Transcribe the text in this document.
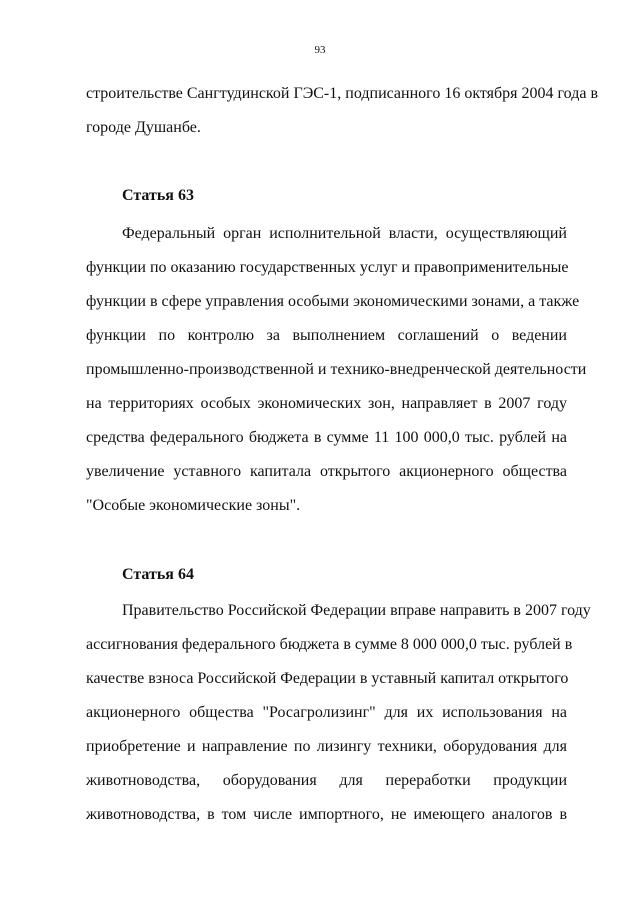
93
строительстве Сангтудинской ГЭС-1, подписанного 16 октября 2004 года в
городе Душанбе.
Статья 63
Федеральный орган исполнительной власти, осуществляющий
функции по оказанию государственных услуг и правоприменительные
функции в сфере управления особыми экономическими зонами, а также
функции по контролю за выполнением соглашений о ведении
промышленно-производственной и технико-внедренческой деятельности
на территориях особых экономических зон, направляет в 2007 году
средства федерального бюджета в сумме 11 100 000,0 тыс. рублей на
увеличение уставного капитала открытого акционерного общества
"Особые экономические зоны".
Статья 64
Правительство Российской Федерации вправе направить в 2007 году
ассигнования федерального бюджета в сумме 8 000 000,0 тыс. рублей в
качестве взноса Российской Федерации в уставный капитал открытого
акционерного общества "Росагролизинг" для их использования на
приобретение и направление по лизингу техники, оборудования для
животноводства, оборудования для переработки продукции
животноводства, в том числе импортного, не имеющего аналогов в
